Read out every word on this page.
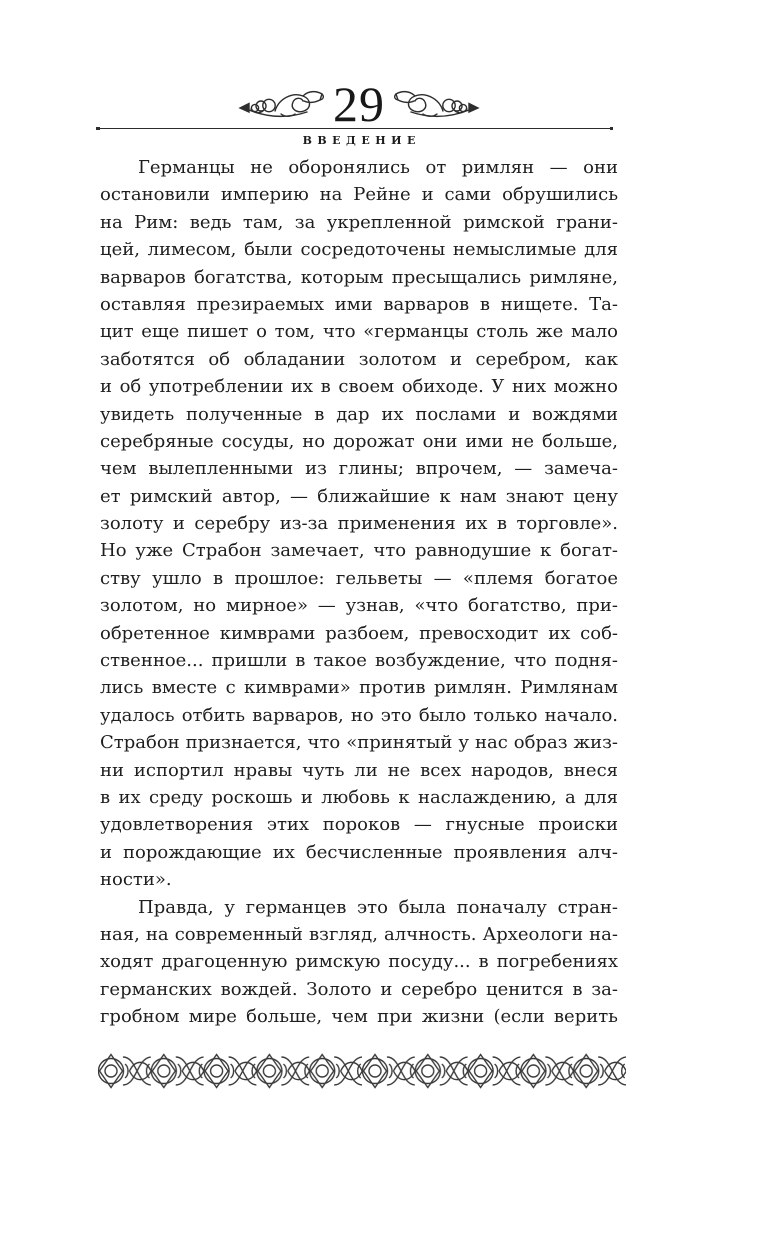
29
ВВЕДЕНИЕ
Германцы не оборонялись от римлян — они
остановили империю на Рейне и сами обрушились
на Рим: ведь там, за укрепленной римской грани-
цей, лимесом, были сосредоточены немыслимые для
варваров богатства, которым пресыщались римляне,
оставляя презираемых ими варваров в нищете. Та-
цит еще пишет о том, что «германцы столь же мало
заботятся об обладании золотом и серебром, как
и об употреблении их в своем обиходе. У них можно
увидеть полученные в дар их послами и вождями
серебряные сосуды, но дорожат они ими не больше,
чем вылепленными из глины; впрочем, — замеча-
ет римский автор, — ближайшие к нам знают цену
золоту и серебру из-за применения их в торговле».
Но уже Страбон замечает, что равнодушие к богат-
ству ушло в прошлое: гельветы — «племя богатое
золотом, но мирное» — узнав, «что богатство, при-
обретенное кимврами разбоем, превосходит их соб-
ственное... пришли в такое возбуждение, что подня-
лись вместе с кимврами» против римлян. Римлянам
удалось отбить варваров, но это было только начало.
Страбон признается, что «принятый у нас образ жиз-
ни испортил нравы чуть ли не всех народов, внеся
в их среду роскошь и любовь к наслаждению, а для
удовлетворения этих пороков — гнусные происки
и порождающие их бесчисленные проявления алч-
ности».
Правда, у германцев это была поначалу стран-
ная, на современный взгляд, алчность. Археологи на-
ходят драгоценную римскую посуду... в погребениях
германских вождей. Золото и серебро ценится в за-
гробном мире больше, чем при жизни (если верить
